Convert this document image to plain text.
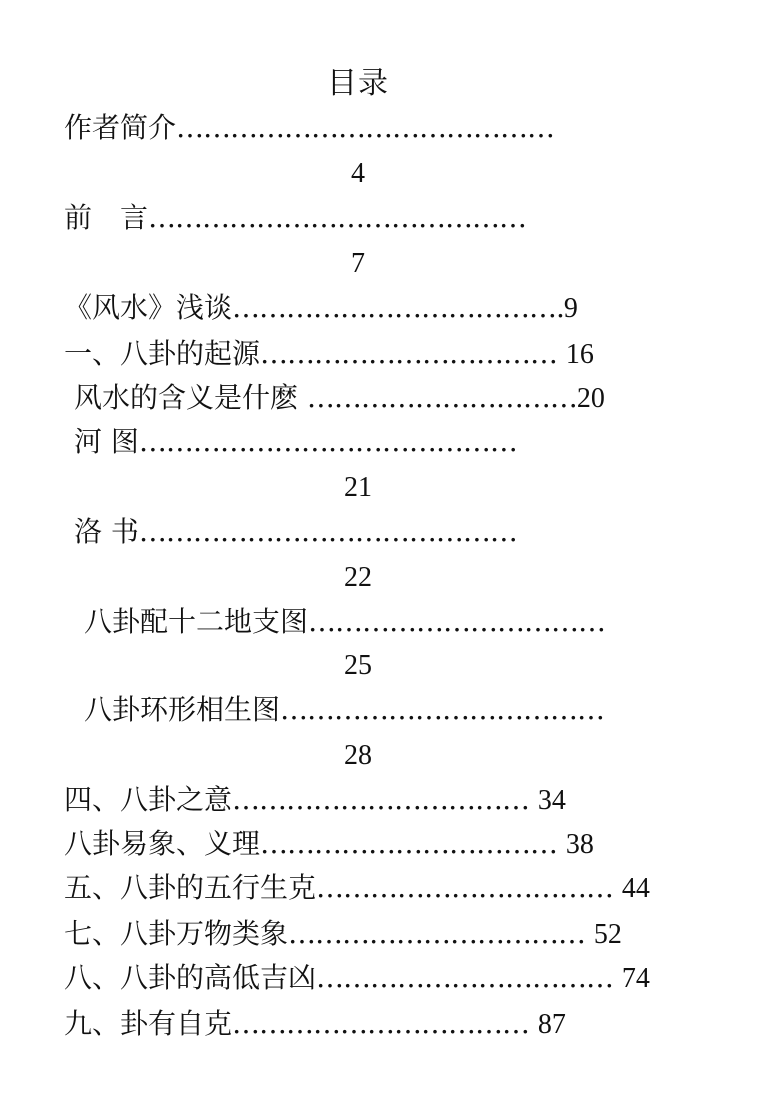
目录
作者简介……………………………………
4
前　言……………………………………
7
《风水》浅谈……………………………….9
一、八卦的起源…………………………… 16
风水的含义是什麽 …………………………20
河 图……………………………………
21
洛 书……………………………………
22
八卦配十二地支图……………………………
25
八卦环形相生图………………………………
28
四、八卦之意…………………………… 34
八卦易象、义理…………………………… 38
五、八卦的五行生克…………………………… 44
七、八卦万物类象…………………………… 52
八、八卦的高低吉凶…………………………… 74
九、卦有自克…………………………… 87
